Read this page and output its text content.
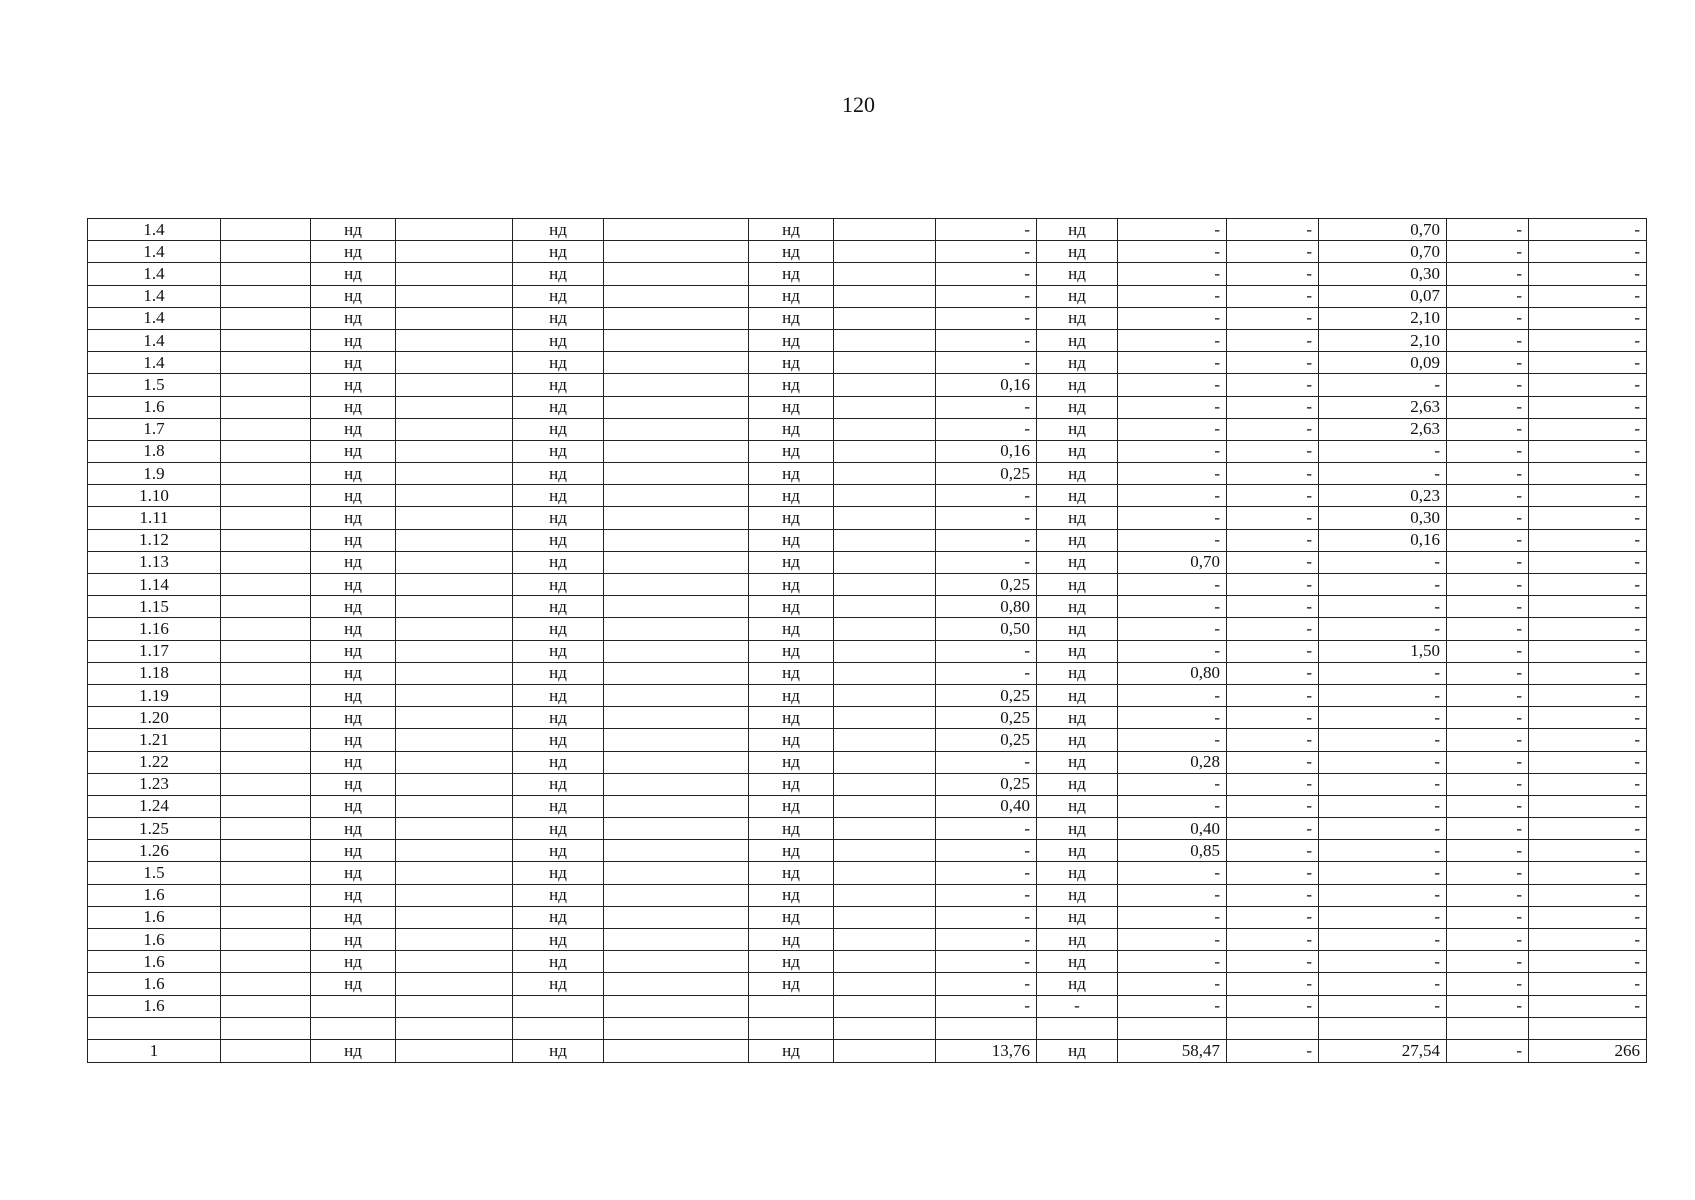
120
1.4		нд		нд		нд		-	нд	-	-	0,70	-	-
1.4		нд		нд		нд		-	нд	-	-	0,70	-	-
1.4		нд		нд		нд		-	нд	-	-	0,30	-	-
1.4		нд		нд		нд		-	нд	-	-	0,07	-	-
1.4		нд		нд		нд		-	нд	-	-	2,10	-	-
1.4		нд		нд		нд		-	нд	-	-	2,10	-	-
1.4		нд		нд		нд		-	нд	-	-	0,09	-	-
1.5		нд		нд		нд		0,16	нд	-	-	-	-	-
1.6		нд		нд		нд		-	нд	-	-	2,63	-	-
1.7		нд		нд		нд		-	нд	-	-	2,63	-	-
1.8		нд		нд		нд		0,16	нд	-	-	-	-	-
1.9		нд		нд		нд		0,25	нд	-	-	-	-	-
1.10		нд		нд		нд		-	нд	-	-	0,23	-	-
1.11		нд		нд		нд		-	нд	-	-	0,30	-	-
1.12		нд		нд		нд		-	нд	-	-	0,16	-	-
1.13		нд		нд		нд		-	нд	0,70	-	-	-	-
1.14		нд		нд		нд		0,25	нд	-	-	-	-	-
1.15		нд		нд		нд		0,80	нд	-	-	-	-	-
1.16		нд		нд		нд		0,50	нд	-	-	-	-	-
1.17		нд		нд		нд		-	нд	-	-	1,50	-	-
1.18		нд		нд		нд		-	нд	0,80	-	-	-	-
1.19		нд		нд		нд		0,25	нд	-	-	-	-	-
1.20		нд		нд		нд		0,25	нд	-	-	-	-	-
1.21		нд		нд		нд		0,25	нд	-	-	-	-	-
1.22		нд		нд		нд		-	нд	0,28	-	-	-	-
1.23		нд		нд		нд		0,25	нд	-	-	-	-	-
1.24		нд		нд		нд		0,40	нд	-	-	-	-	-
1.25		нд		нд		нд		-	нд	0,40	-	-	-	-
1.26		нд		нд		нд		-	нд	0,85	-	-	-	-
1.5		нд		нд		нд		-	нд	-	-	-	-	-
1.6		нд		нд		нд		-	нд	-	-	-	-	-
1.6		нд		нд		нд		-	нд	-	-	-	-	-
1.6		нд		нд		нд		-	нд	-	-	-	-	-
1.6		нд		нд		нд		-	нд	-	-	-	-	-
1.6		нд		нд		нд		-	нд	-	-	-	-	-
1.6								-	-	-	-	-	-	-

1		нд		нд		нд		13,76	нд	58,47	-	27,54	-	266
